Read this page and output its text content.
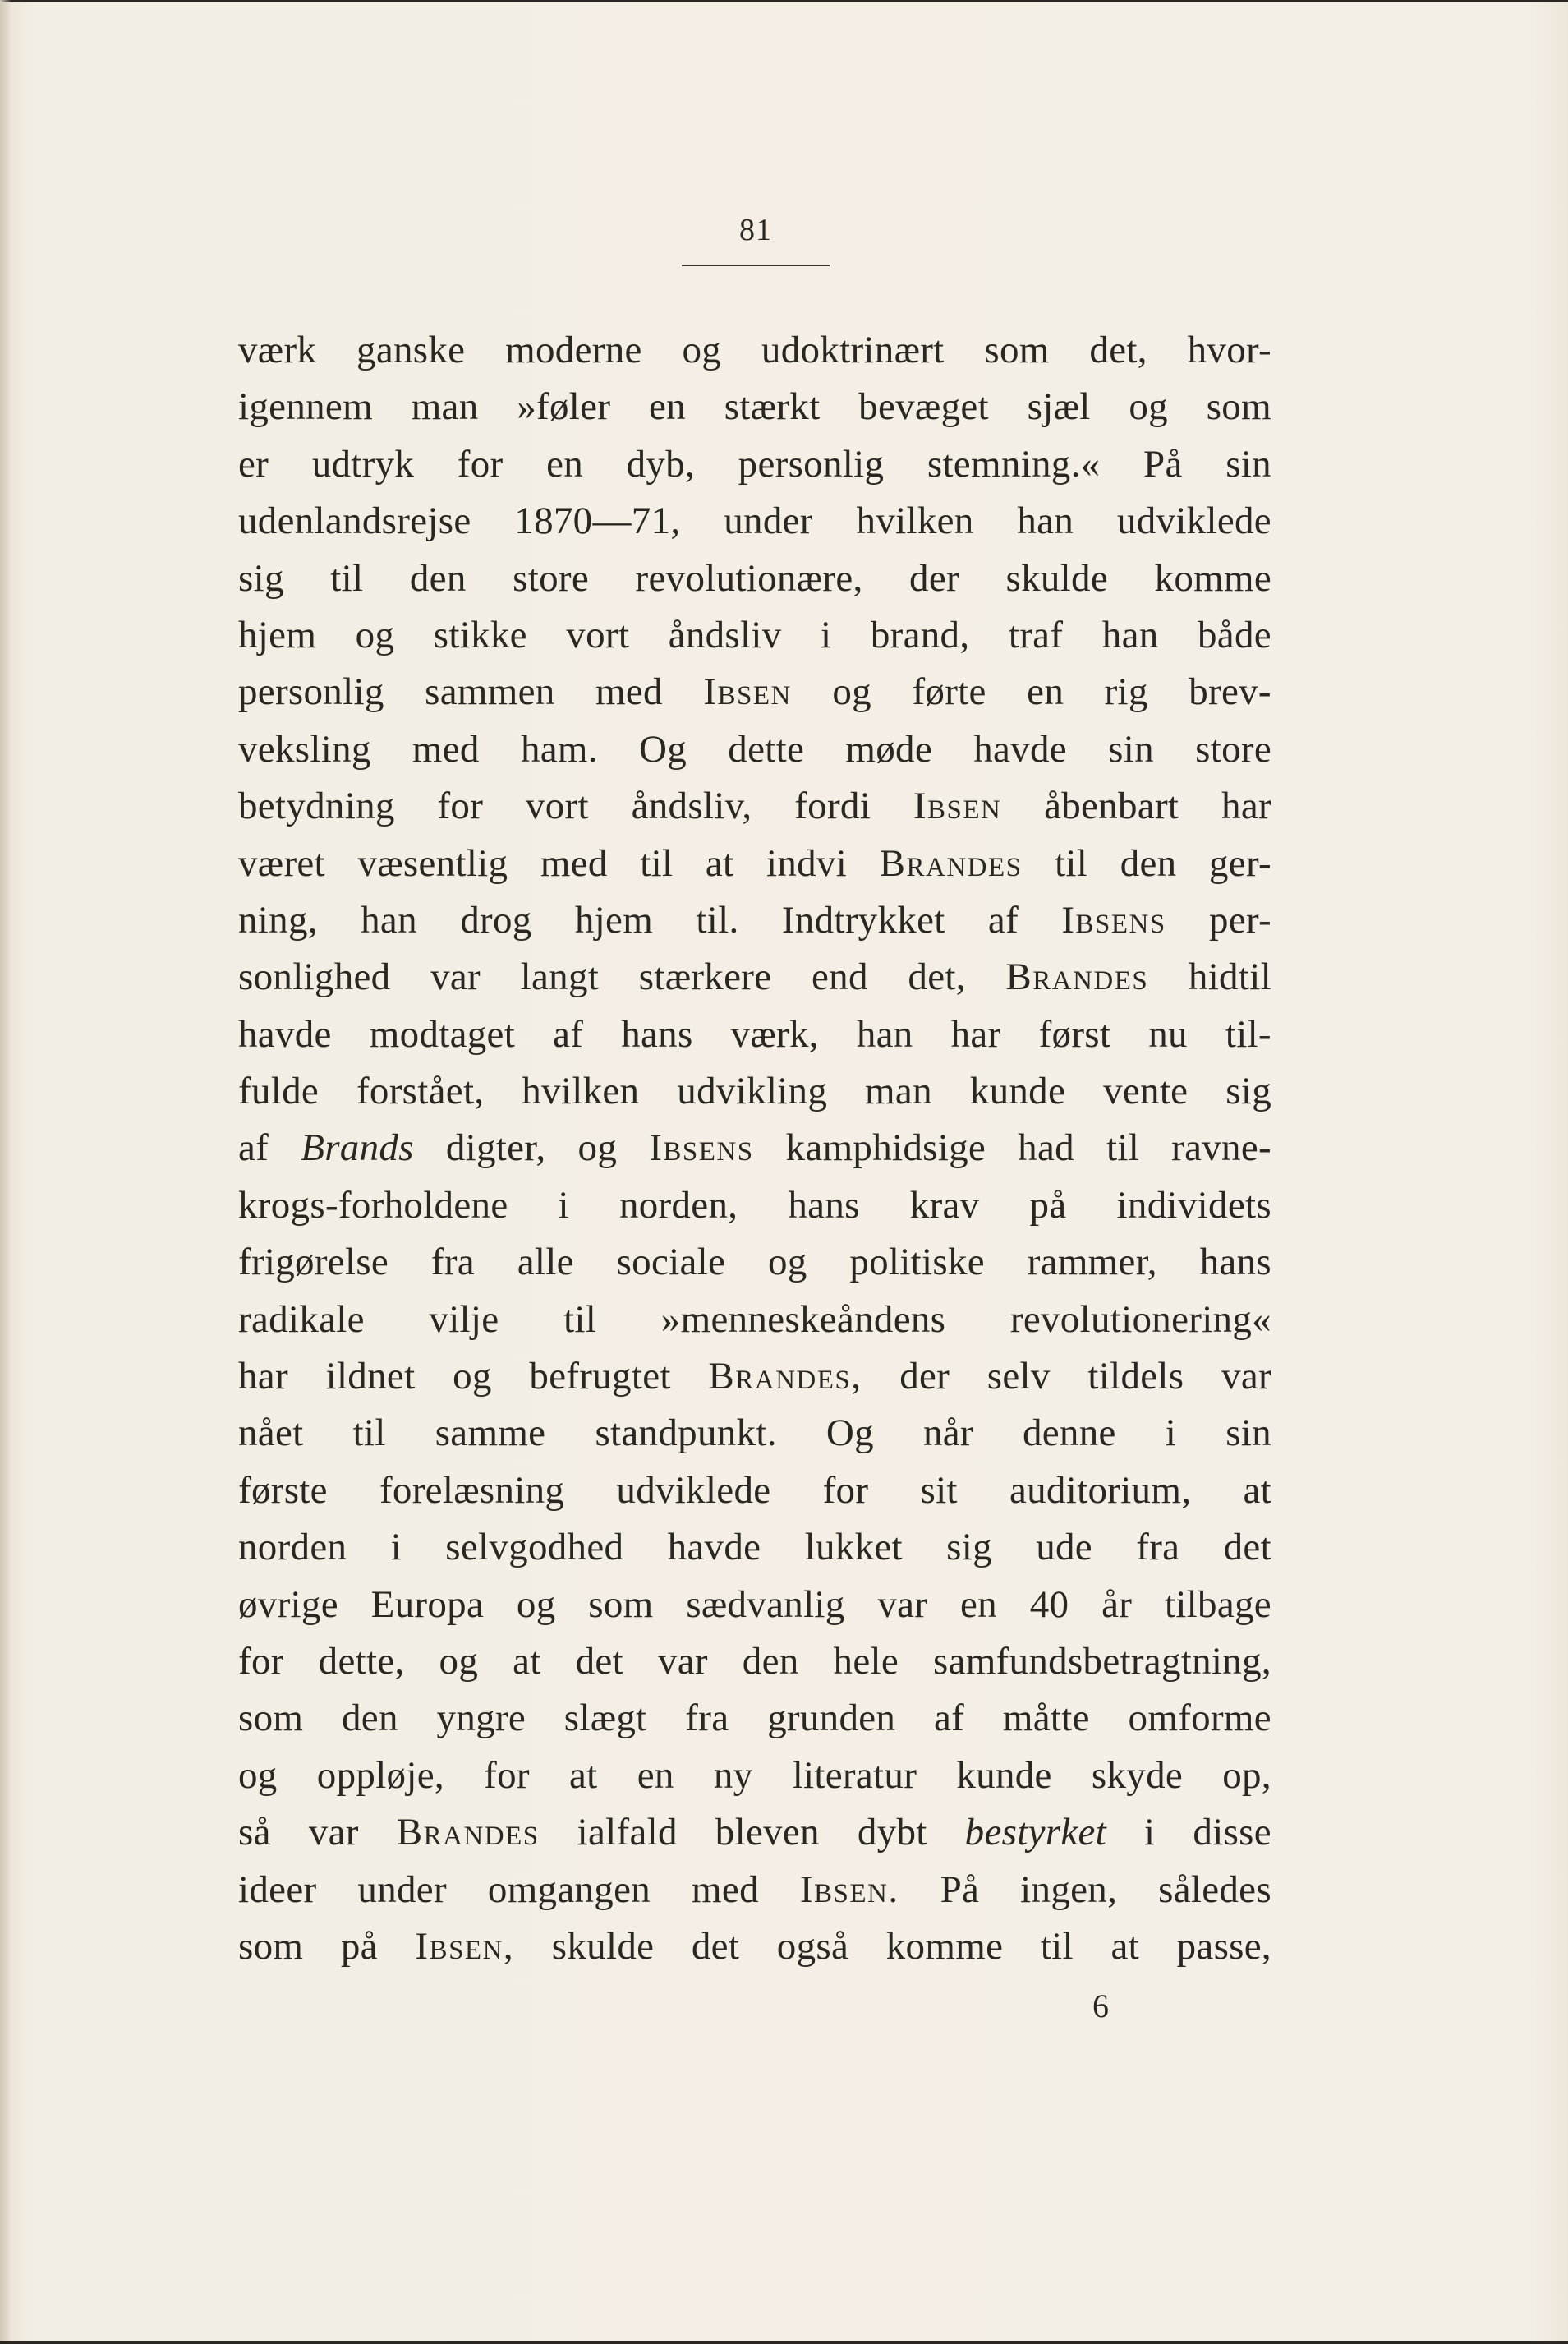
81
værk ganske moderne og udoktrinært som det, hvor-
igennem man »føler en stærkt bevæget sjæl og som
er udtryk for en dyb, personlig stemning.« På sin
udenlandsrejse 1870—71, under hvilken han udviklede
sig til den store revolutionære, der skulde komme
hjem og stikke vort åndsliv i brand, traf han både
personlig sammen med Ibsen og førte en rig brev-
veksling med ham. Og dette møde havde sin store
betydning for vort åndsliv, fordi Ibsen åbenbart har
været væsentlig med til at indvi Brandes til den ger-
ning, han drog hjem til. Indtrykket af Ibsens per-
sonlighed var langt stærkere end det, Brandes hidtil
havde modtaget af hans værk, han har først nu til-
fulde forstået, hvilken udvikling man kunde vente sig
af Brands digter, og Ibsens kamphidsige had til ravne-
krogs-forholdene i norden, hans krav på individets
frigørelse fra alle sociale og politiske rammer, hans
radikale vilje til »menneskeåndens revolutionering«
har ildnet og befrugtet Brandes, der selv tildels var
nået til samme standpunkt. Og når denne i sin
første forelæsning udviklede for sit auditorium, at
norden i selvgodhed havde lukket sig ude fra det
øvrige Europa og som sædvanlig var en 40 år tilbage
for dette, og at det var den hele samfundsbetragtning,
som den yngre slægt fra grunden af måtte omforme
og oppløje, for at en ny literatur kunde skyde op,
så var Brandes ialfald bleven dybt bestyrket i disse
ideer under omgangen med Ibsen. På ingen, således
som på Ibsen, skulde det også komme til at passe,
6
